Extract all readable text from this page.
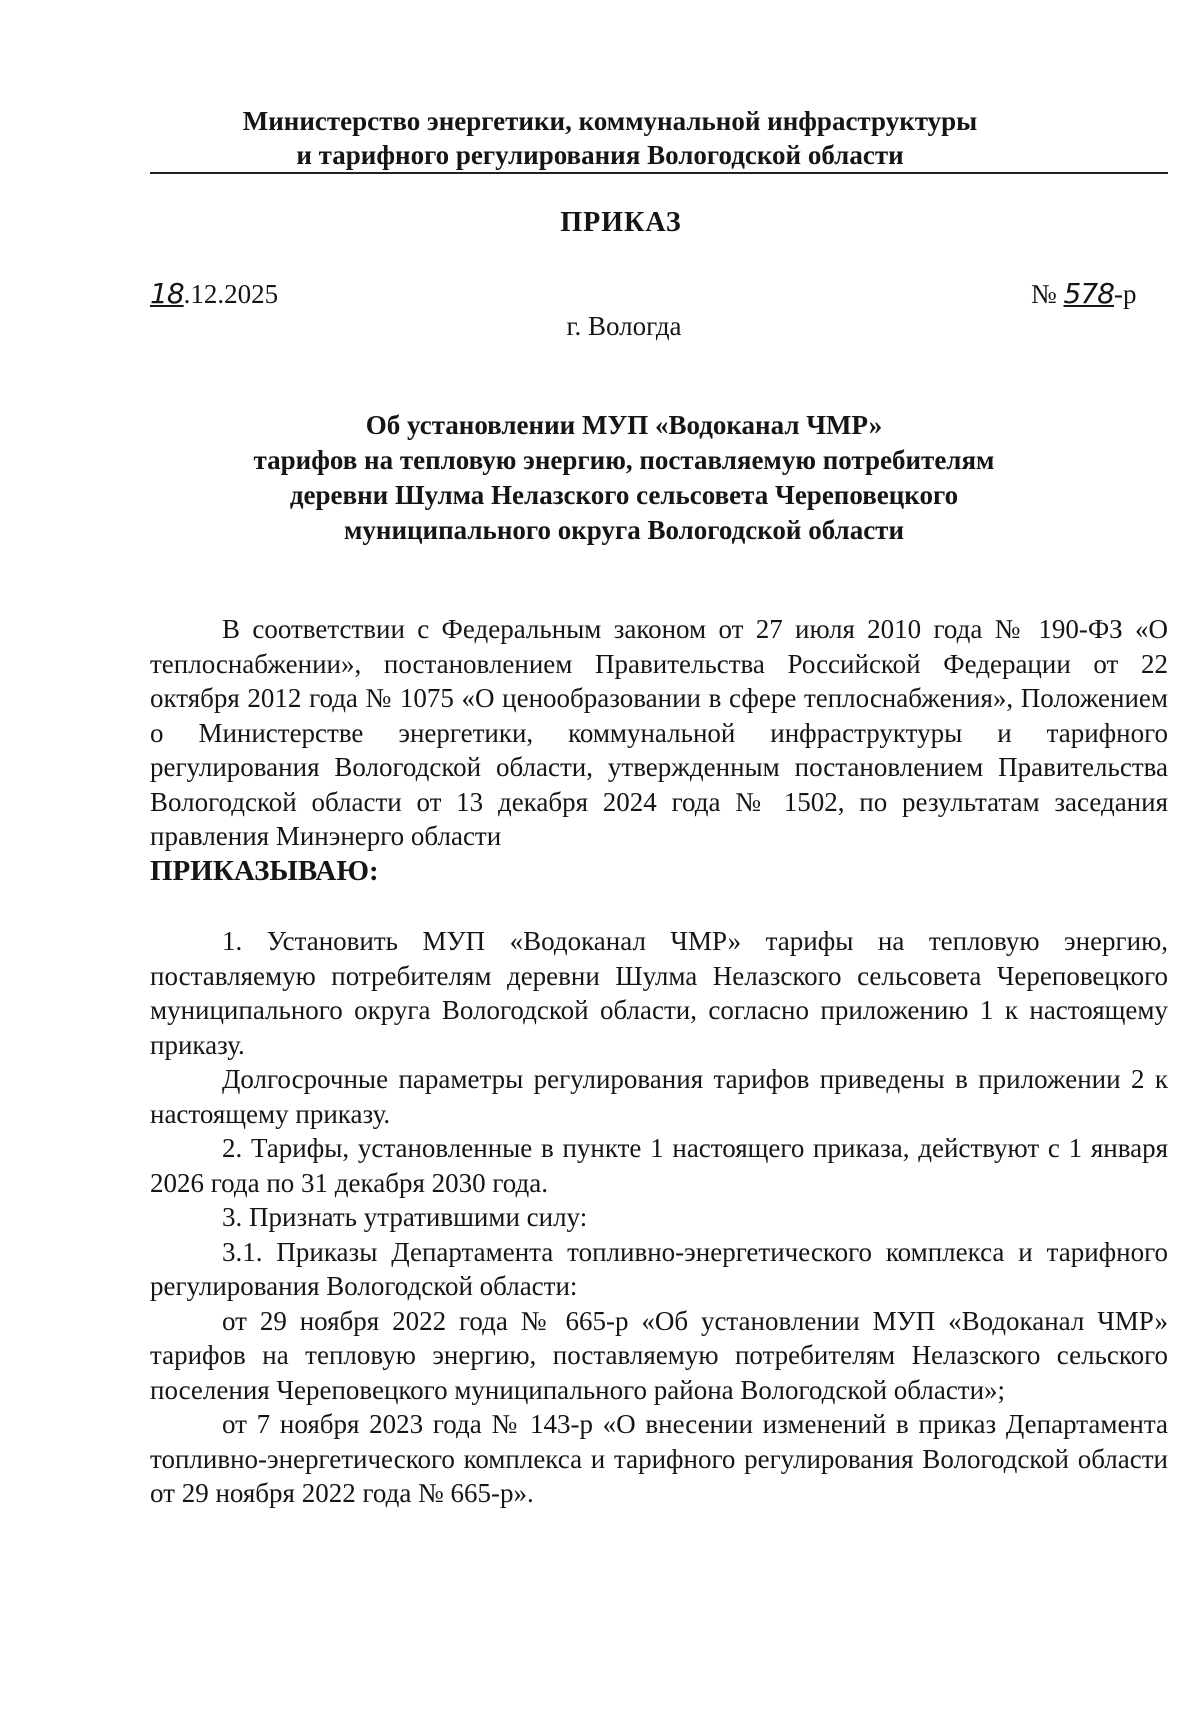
Министерство энергетики, коммунальной инфраструктуры
и тарифного регулирования Вологодской области
ПРИКАЗ
18.12.2025	№ 578-р
г. Вологда
Об установлении МУП «Водоканал ЧМР»
тарифов на тепловую энергию, поставляемую потребителям
деревни Шулма Нелазского сельсовета Череповецкого
муниципального округа Вологодской области

В соответствии с Федеральным законом от 27 июля 2010 года № 190-ФЗ «О теплоснабжении», постановлением Правительства Российской Федерации от 22 октября 2012 года № 1075 «О ценообразовании в сфере теплоснабжения», Положением о Министерстве энергетики, коммунальной инфраструктуры и тарифного регулирования Вологодской области, утвержденным постановлением Правительства Вологодской области от 13 декабря 2024 года № 1502, по результатам заседания правления Минэнерго области

ПРИКАЗЫВАЮ:

1. Установить МУП «Водоканал ЧМР» тарифы на тепловую энергию, поставляемую потребителям деревни Шулма Нелазского сельсовета Череповецкого муниципального округа Вологодской области, согласно приложению 1 к настоящему приказу.

Долгосрочные параметры регулирования тарифов приведены в приложении 2 к настоящему приказу.

2. Тарифы, установленные в пункте 1 настоящего приказа, действуют с 1 января 2026 года по 31 декабря 2030 года.

3. Признать утратившими силу:

3.1. Приказы Департамента топливно-энергетического комплекса и тарифного регулирования Вологодской области:

от 29 ноября 2022 года № 665-р «Об установлении МУП «Водоканал ЧМР» тарифов на тепловую энергию, поставляемую потребителям Нелазского сельского поселения Череповецкого муниципального района Вологодской области»;

от 7 ноября 2023 года № 143-р «О внесении изменений в приказ Департамента топливно-энергетического комплекса и тарифного регулирования Вологодской области от 29 ноября 2022 года № 665-р».
